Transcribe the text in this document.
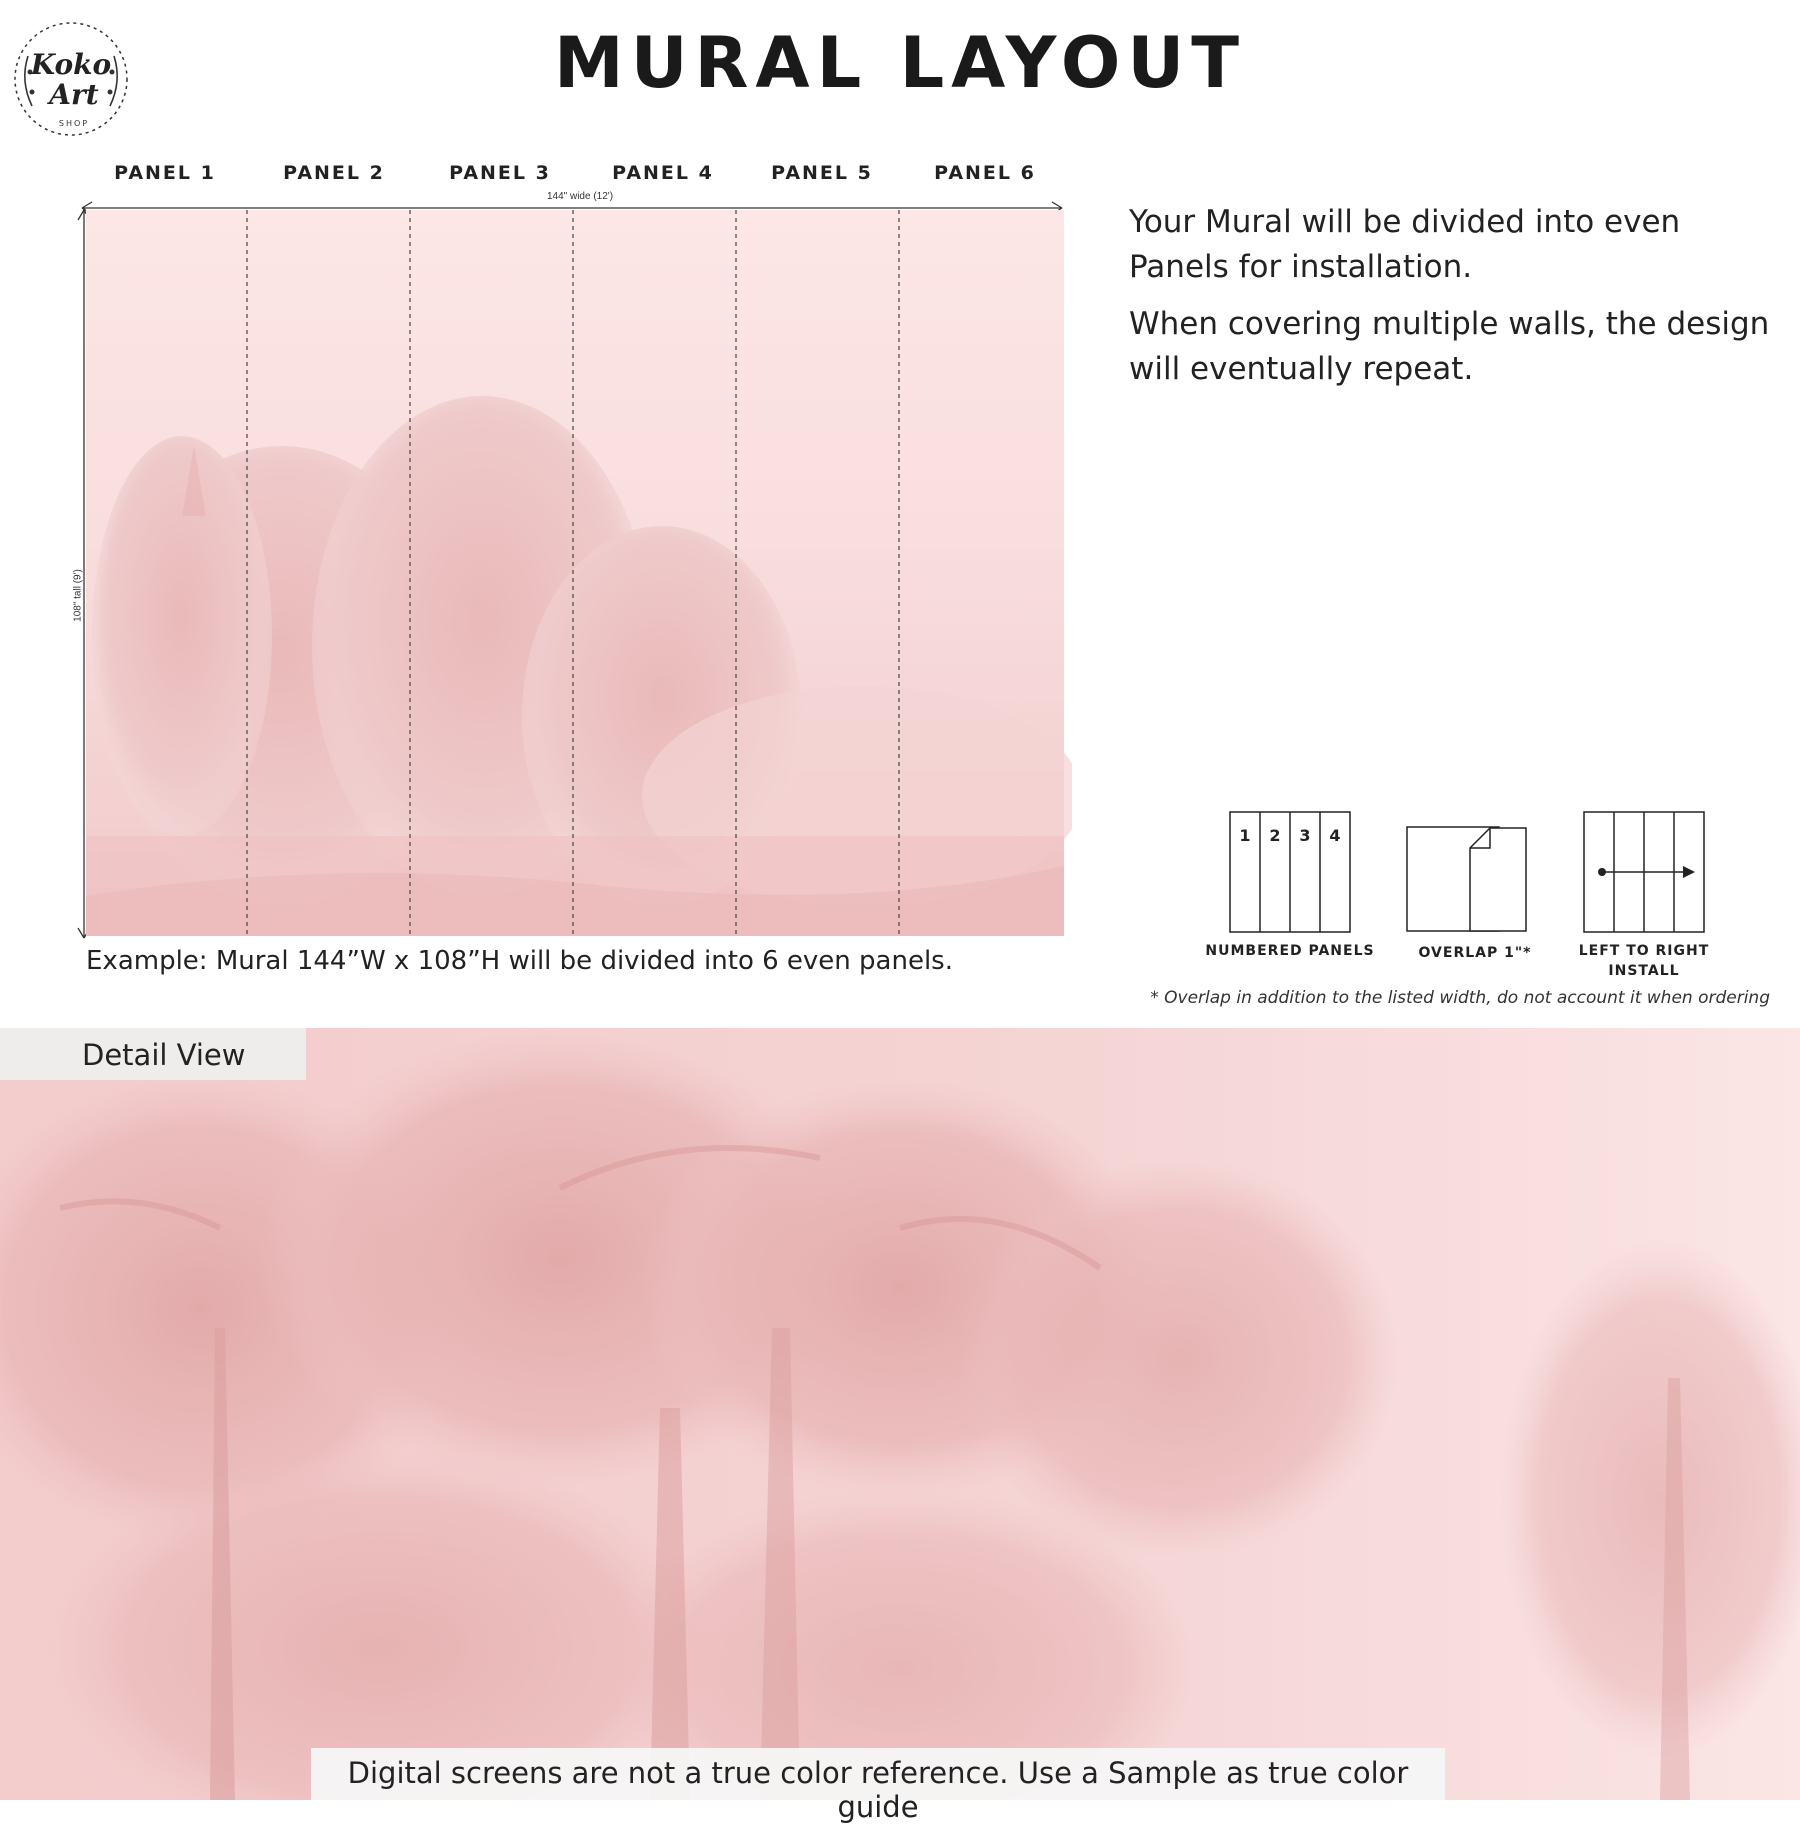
Koko
Art
SHOP
MURAL LAYOUT
PANEL 1	PANEL 2	PANEL 3	PANEL 4	PANEL 5	PANEL 6
144" wide (12')
108" tall (9')
Example: Mural 144”W x 108”H will be divided into 6 even panels.
Your Mural will be divided into even Panels for installation.
When covering multiple walls, the design will eventually repeat.
1 2 3 4
NUMBERED PANELS	OVERLAP 1"*	LEFT TO RIGHT
INSTALL
* Overlap in addition to the listed width, do not account it when ordering
Detail View
Digital screens are not a true color reference. Use a Sample as true color guide
